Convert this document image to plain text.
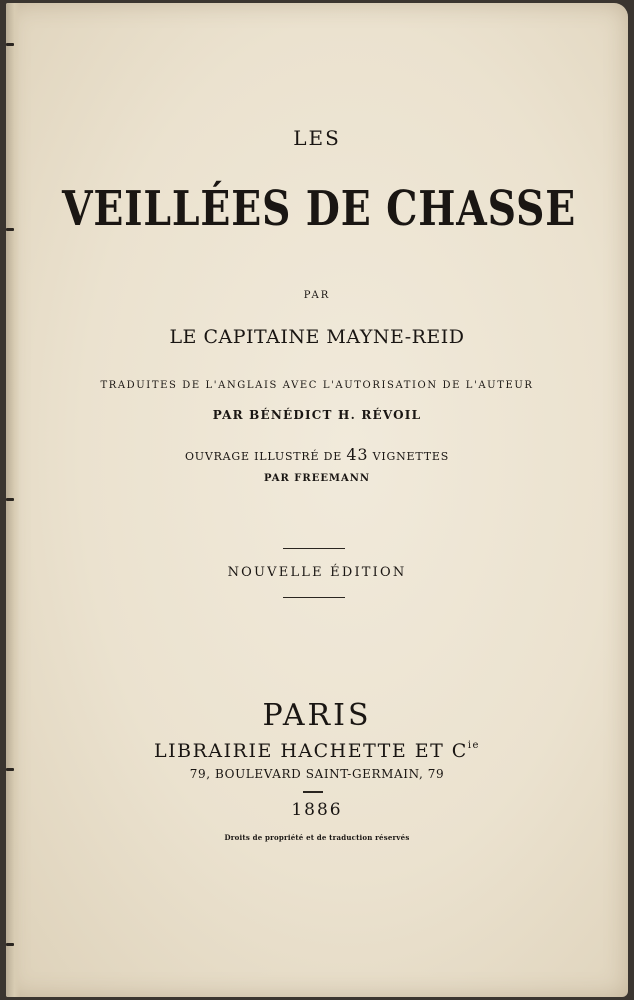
LES
VEILLÉES DE CHASSE
PAR
LE CAPITAINE MAYNE-REID
TRADUITES DE L'ANGLAIS AVEC L'AUTORISATION DE L'AUTEUR
PAR BÉNÉDICT H. RÉVOIL
OUVRAGE ILLUSTRÉ DE 43 VIGNETTES
PAR FREEMANN
NOUVELLE ÉDITION
PARIS
LIBRAIRIE HACHETTE ET $C^{ie}$
79, BOULEVARD SAINT-GERMAIN, 79
1886
Droits de propriété et de traduction réservés
